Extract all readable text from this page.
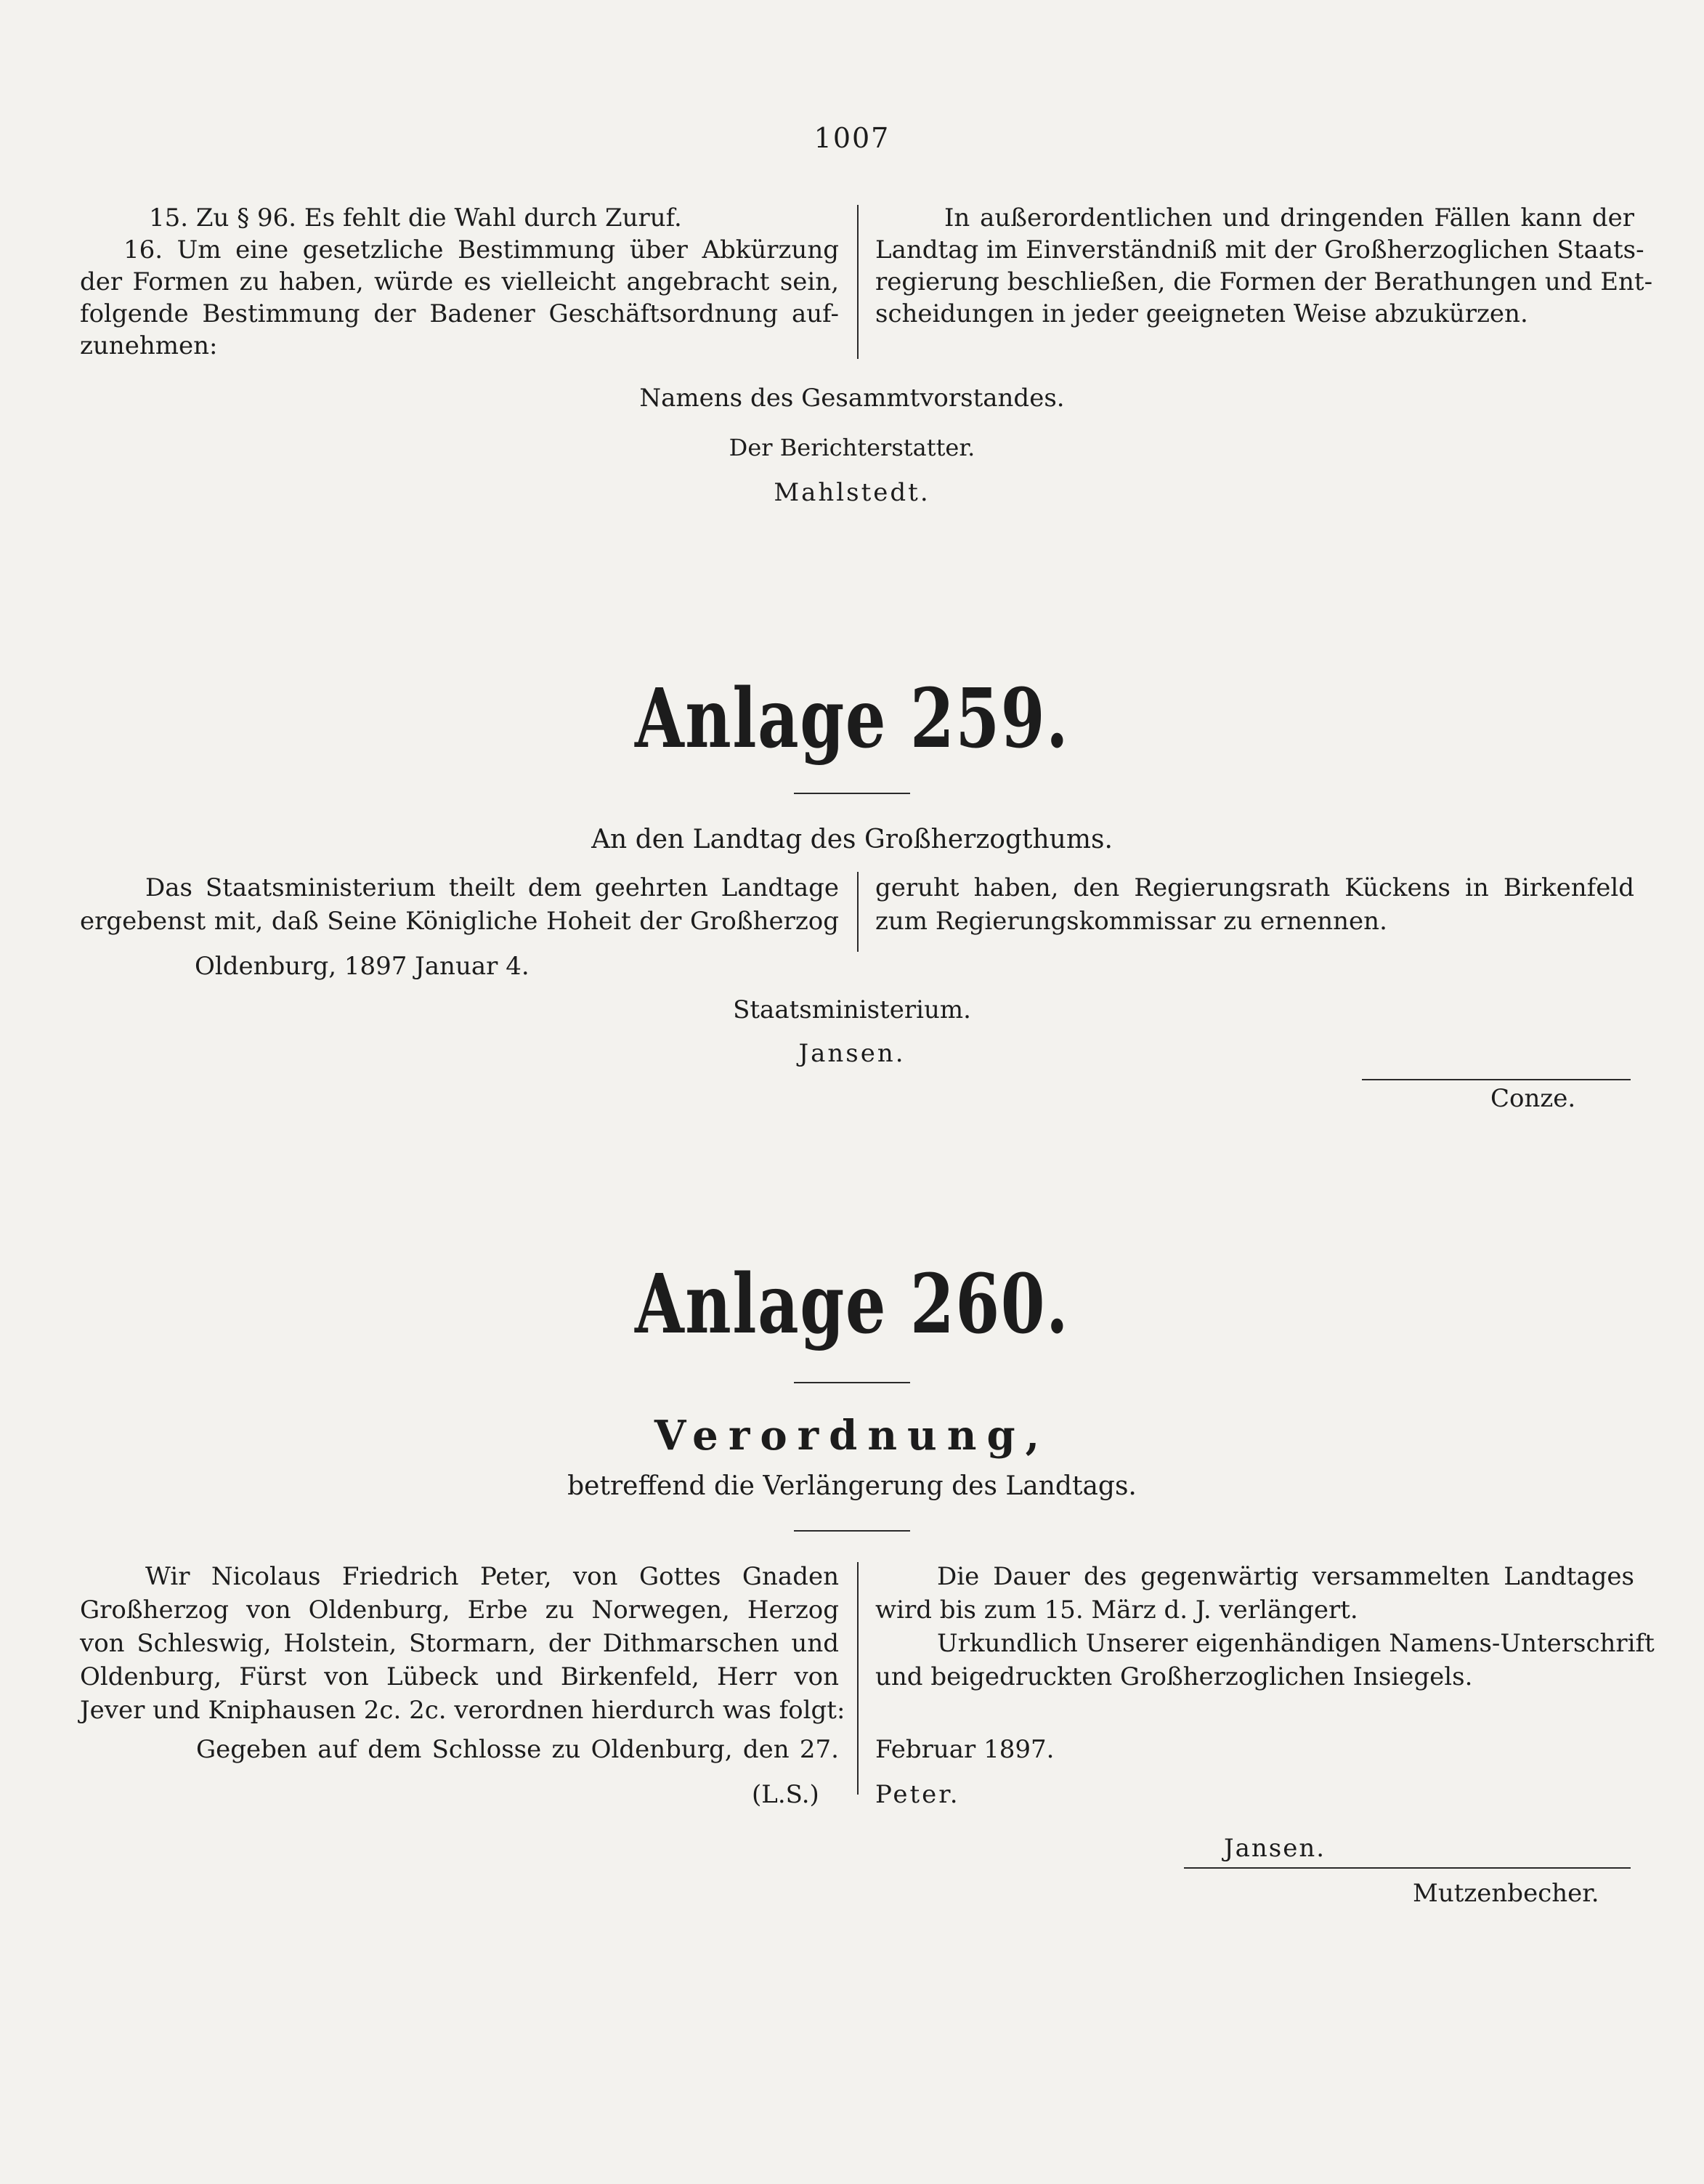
1007
15. Zu § 96. Es fehlt die Wahl durch Zuruf.
16. Um eine gesetzliche Bestimmung über Abkürzung
der Formen zu haben, würde es vielleicht angebracht sein,
folgende Bestimmung der Badener Geschäftsordnung auf-
zunehmen:
In außerordentlichen und dringenden Fällen kann der
Landtag im Einverständniß mit der Großherzoglichen Staats-
regierung beschließen, die Formen der Berathungen und Ent-
scheidungen in jeder geeigneten Weise abzukürzen.
Namens des Gesammtvorstandes.
Der Berichterstatter.
Mahlstedt.
Anlage 259.
An den Landtag des Großherzogthums.
Das Staatsministerium theilt dem geehrten Landtage
ergebenst mit, daß Seine Königliche Hoheit der Großherzog
geruht haben, den Regierungsrath Kückens in Birkenfeld
zum Regierungskommissar zu ernennen.
Oldenburg, 1897 Januar 4.
Staatsministerium.
Jansen.
Conze.
Anlage 260.
Verordnung,
betreffend die Verlängerung des Landtags.
Wir Nicolaus Friedrich Peter, von Gottes Gnaden
Großherzog von Oldenburg, Erbe zu Norwegen, Herzog
von Schleswig, Holstein, Stormarn, der Dithmarschen und
Oldenburg, Fürst von Lübeck und Birkenfeld, Herr von
Jever und Kniphausen 2c. 2c. verordnen hierdurch was folgt:
Die Dauer des gegenwärtig versammelten Landtages
wird bis zum 15. März d. J. verlängert.
Urkundlich Unserer eigenhändigen Namens-Unterschrift
und beigedruckten Großherzoglichen Insiegels.
Gegeben auf dem Schlosse zu Oldenburg, den 27. Februar 1897.
(L.S.) Peter.
Jansen.
Mutzenbecher.
